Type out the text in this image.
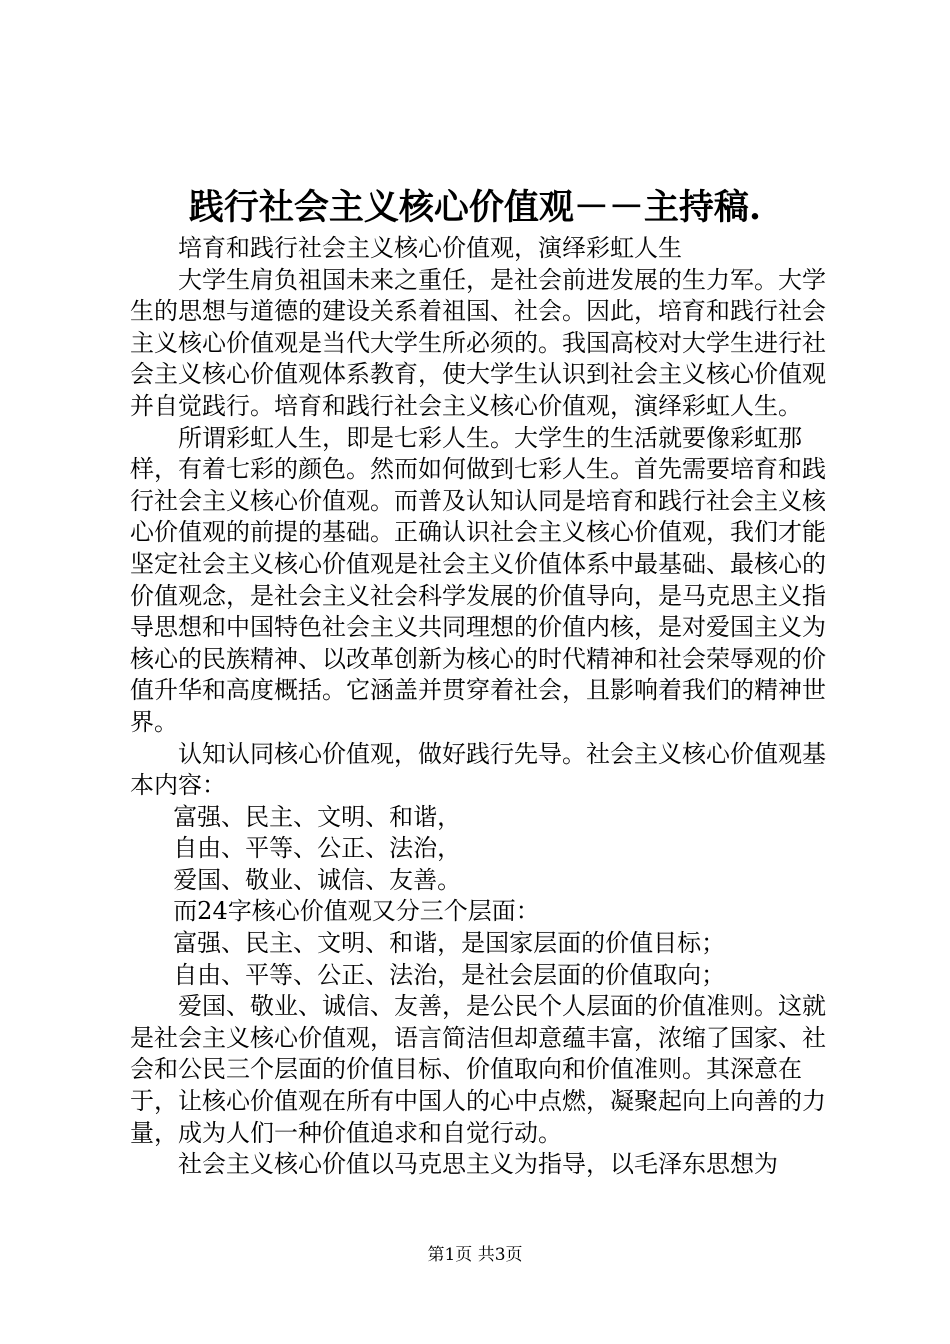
践行社会主义核心价值观－－主持稿.

培育和践行社会主义核心价值观，演绎彩虹人生

大学生肩负祖国未来之重任，是社会前进发展的生力军。大学生的思想与道德的建设关系着祖国、社会。因此，培育和践行社会主义核心价值观是当代大学生所必须的。我国高校对大学生进行社会主义核心价值观体系教育，使大学生认识到社会主义核心价值观并自觉践行。培育和践行社会主义核心价值观，演绎彩虹人生。

所谓彩虹人生，即是七彩人生。大学生的生活就要像彩虹那样，有着七彩的颜色。然而如何做到七彩人生。首先需要培育和践行社会主义核心价值观。而普及认知认同是培育和践行社会主义核心价值观的前提的基础。正确认识社会主义核心价值观，我们才能坚定社会主义核心价值观是社会主义价值体系中最基础、最核心的价值观念，是社会主义社会科学发展的价值导向，是马克思主义指导思想和中国特色社会主义共同理想的价值内核，是对爱国主义为核心的民族精神、以改革创新为核心的时代精神和社会荣辱观的价值升华和高度概括。它涵盖并贯穿着社会，且影响着我们的精神世界。

认知认同核心价值观，做好践行先导。社会主义核心价值观基本内容：

富强、民主、文明、和谐，

自由、平等、公正、法治，

爱国、敬业、诚信、友善。

而24字核心价值观又分三个层面：

富强、民主、文明、和谐，是国家层面的价值目标；

自由、平等、公正、法治，是社会层面的价值取向；

爱国、敬业、诚信、友善，是公民个人层面的价值准则。这就是社会主义核心价值观，语言简洁但却意蕴丰富，浓缩了国家、社会和公民三个层面的价值目标、价值取向和价值准则。其深意在于，让核心价值观在所有中国人的心中点燃，凝聚起向上向善的力量，成为人们一种价值追求和自觉行动。

社会主义核心价值以马克思主义为指导，以毛泽东思想为

第1页 共3页
